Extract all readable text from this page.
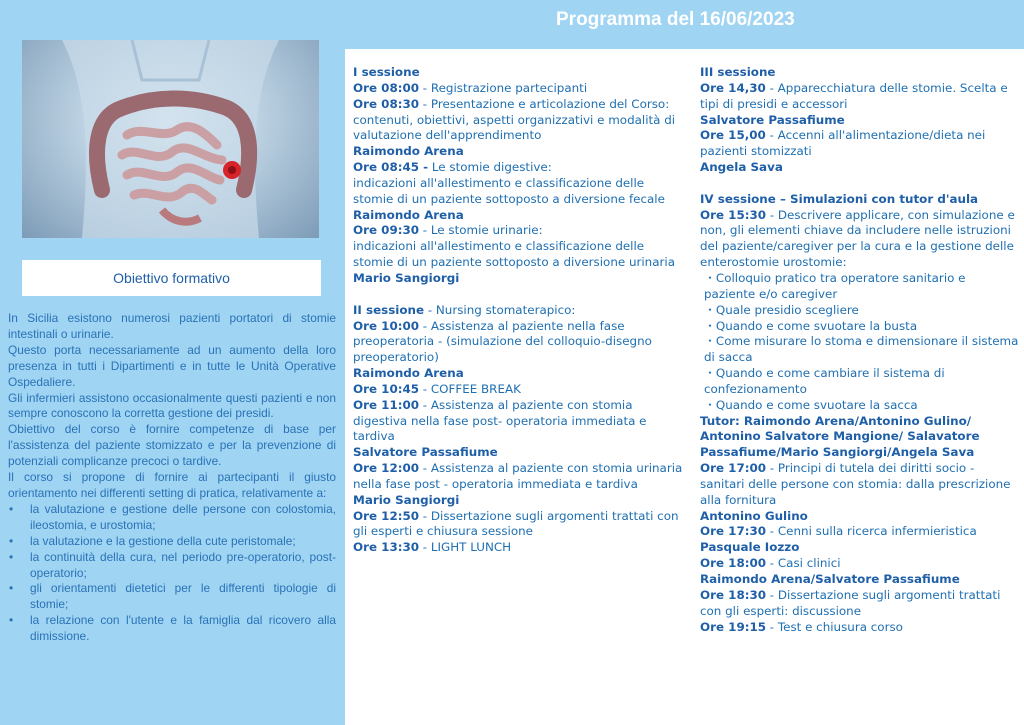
Programma del 16/06/2023
Obiettivo formativo

In Sicilia esistono numerosi pazienti portatori di stomie intestinali o urinarie.

Questo porta necessariamente ad un aumento della loro presenza in tutti i Dipartimenti e in tutte le Unità Operative Ospedaliere.

Gli infermieri assistono occasionalmente questi pazienti e non sempre conoscono la corretta gestione dei presidi.

Obiettivo del corso è fornire competenze di base per l'assistenza del paziente stomizzato e per la prevenzione di potenziali complicanze precoci o tardive.

Il corso si propone di fornire ai partecipanti il giusto orientamento nei differenti setting di pratica, relativamente a:

• la valutazione e gestione delle persone con colostomia, ileostomia, e urostomia;
• la valutazione e la gestione della cute peristomale;
• la continuità della cura, nel periodo pre-operatorio, post-operatorio;
• gli orientamenti dietetici per le differenti tipologie di stomie;
• la relazione con l'utente e la famiglia dal ricovero alla dimissione.
I sessione
Ore 08:00 - Registrazione partecipanti
Ore 08:30 - Presentazione e articolazione del Corso: contenuti, obiettivi, aspetti organizzativi e modalità di valutazione dell'apprendimento
Raimondo Arena
Ore 08:45 - Le stomie digestive:
indicazioni all'allestimento e classificazione delle stomie di un paziente sottoposto a diversione fecale
Raimondo Arena
Ore 09:30 - Le stomie urinarie:
indicazioni all'allestimento e classificazione delle stomie di un paziente sottoposto a diversione urinaria
Mario Sangiorgi
II sessione - Nursing stomaterapico:
Ore 10:00 - Assistenza al paziente nella fase preoperatoria - (simulazione del colloquio-disegno preoperatorio)
Raimondo Arena
Ore 10:45 - COFFEE BREAK
Ore 11:00 - Assistenza al paziente con stomia digestiva nella fase post- operatoria immediata e tardiva
Salvatore Passafiume
Ore 12:00 - Assistenza al paziente con stomia urinaria nella fase post - operatoria immediata e tardiva
Mario Sangiorgi
Ore 12:50 - Dissertazione sugli argomenti trattati con gli esperti e chiusura sessione
Ore 13:30 - LIGHT LUNCH
III sessione
Ore 14,30 - Apparecchiatura delle stomie. Scelta e tipi di presidi e accessori
Salvatore Passafiume
Ore 15,00 - Accenni all'alimentazione/dieta nei pazienti stomizzati
Angela Sava
IV sessione – Simulazioni con tutor d'aula
Ore 15:30 - Descrivere applicare, con simulazione e non, gli elementi chiave da includere nelle istruzioni del paziente/caregiver per la cura e la gestione delle enterostomie urostomie:
・Colloquio pratico tra operatore sanitario e paziente e/o caregiver
・Quale presidio scegliere
・Quando e come svuotare la busta
・Come misurare lo stoma e dimensionare il sistema di sacca
・Quando e come cambiare il sistema di confezionamento
・Quando e come svuotare la sacca
Tutor: Raimondo Arena/Antonino Gulino/ Antonino Salvatore Mangione/ Salavatore Passafiume/Mario Sangiorgi/Angela Sava
Ore 17:00 - Principi di tutela dei diritti socio - sanitari delle persone con stomia: dalla prescrizione alla fornitura
Antonino Gulino
Ore 17:30 - Cenni sulla ricerca infermieristica
Pasquale Iozzo
Ore 18:00 - Casi clinici
Raimondo Arena/Salvatore Passafiume
Ore 18:30 - Dissertazione sugli argomenti trattati con gli esperti: discussione
Ore 19:15 - Test e chiusura corso
